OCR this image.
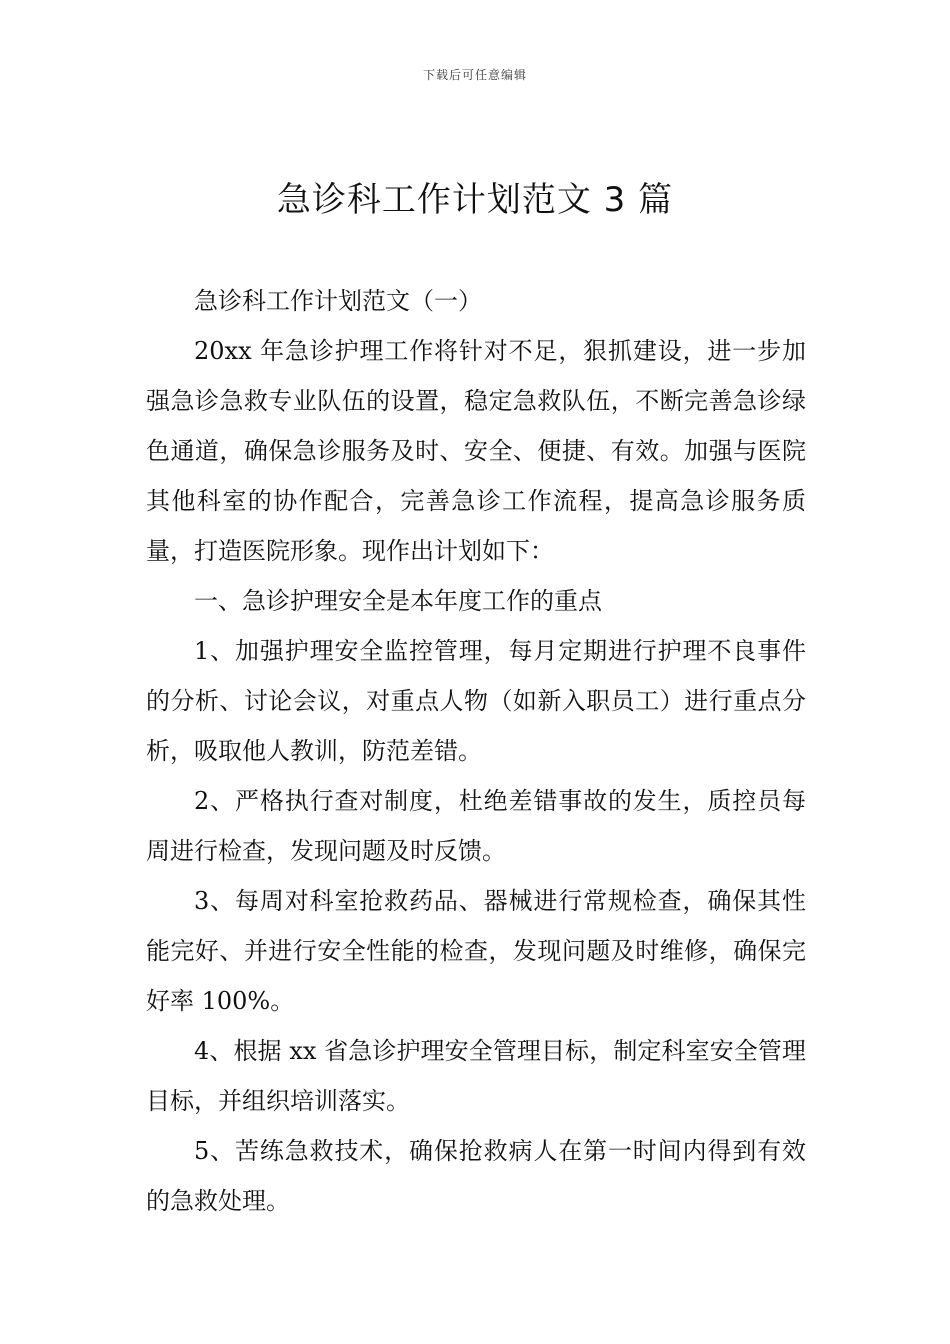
下载后可任意编辑
急诊科工作计划范文 3 篇

急诊科工作计划范文（一）

20xx 年急诊护理工作将针对不足，狠抓建设，进一步加强急诊急救专业队伍的设置，稳定急救队伍，不断完善急诊绿色通道，确保急诊服务及时、安全、便捷、有效。加强与医院其他科室的协作配合，完善急诊工作流程，提高急诊服务质量，打造医院形象。现作出计划如下：

一、急诊护理安全是本年度工作的重点

1、加强护理安全监控管理，每月定期进行护理不良事件的分析、讨论会议，对重点人物（如新入职员工）进行重点分析，吸取他人教训，防范差错。

2、严格执行查对制度，杜绝差错事故的发生，质控员每周进行检查，发现问题及时反馈。

3、每周对科室抢救药品、器械进行常规检查，确保其性能完好、并进行安全性能的检查，发现问题及时维修，确保完好率 100%。

4、根据 xx 省急诊护理安全管理目标，制定科室安全管理目标，并组织培训落实。

5、苦练急救技术，确保抢救病人在第一时间内得到有效的急救处理。
